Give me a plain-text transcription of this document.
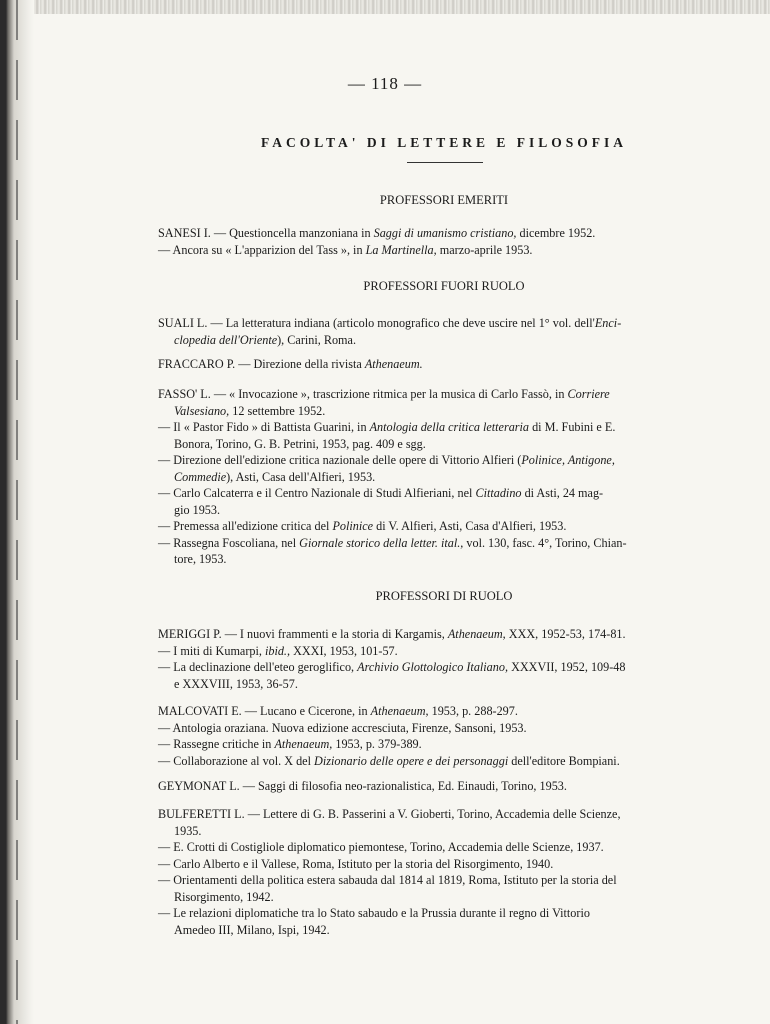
— 118 —
FACOLTA' DI LETTERE E FILOSOFIA
PROFESSORI EMERITI
SANESI I. — Questioncella manzoniana in Saggi di umanismo cristiano, dicembre 1952.
— Ancora su « L'apparizion del Tass », in La Martinella, marzo-aprile 1953.
PROFESSORI FUORI RUOLO
SUALI L. — La letteratura indiana (articolo monografico che deve uscire nel 1° vol. dell'Enci-
clopedia dell'Oriente), Carini, Roma.
FRACCARO P. — Direzione della rivista Athenaeum.
FASSO' L. — « Invocazione », trascrizione ritmica per la musica di Carlo Fassò, in Corriere
Valsesiano, 12 settembre 1952.
— Il « Pastor Fido » di Battista Guarini, in Antologia della critica letteraria di M. Fubini e E.
Bonora, Torino, G. B. Petrini, 1953, pag. 409 e sgg.
— Direzione dell'edizione critica nazionale delle opere di Vittorio Alfieri (Polinice, Antigone,
Commedie), Asti, Casa dell'Alfieri, 1953.
— Carlo Calcaterra e il Centro Nazionale di Studi Alfieriani, nel Cittadino di Asti, 24 mag-
gio 1953.
— Premessa all'edizione critica del Polinice di V. Alfieri, Asti, Casa d'Alfieri, 1953.
— Rassegna Foscoliana, nel Giornale storico della letter. ital., vol. 130, fasc. 4°, Torino, Chian-
tore, 1953.
PROFESSORI DI RUOLO
MERIGGI P. — I nuovi frammenti e la storia di Kargamis, Athenaeum, XXX, 1952-53, 174-81.
— I miti di Kumarpi, ibid., XXXI, 1953, 101-57.
— La declinazione dell'eteo geroglifico, Archivio Glottologico Italiano, XXXVII, 1952, 109-48
e XXXVIII, 1953, 36-57.
MALCOVATI E. — Lucano e Cicerone, in Athenaeum, 1953, p. 288-297.
— Antologia oraziana. Nuova edizione accresciuta, Firenze, Sansoni, 1953.
— Rassegne critiche in Athenaeum, 1953, p. 379-389.
— Collaborazione al vol. X del Dizionario delle opere e dei personaggi dell'editore Bompiani.
GEYMONAT L. — Saggi di filosofia neo-razionalistica, Ed. Einaudi, Torino, 1953.
BULFERETTI L. — Lettere di G. B. Passerini a V. Gioberti, Torino, Accademia delle Scienze,
1935.
— E. Crotti di Costigliole diplomatico piemontese, Torino, Accademia delle Scienze, 1937.
— Carlo Alberto e il Vallese, Roma, Istituto per la storia del Risorgimento, 1940.
— Orientamenti della politica estera sabauda dal 1814 al 1819, Roma, Istituto per la storia del
Risorgimento, 1942.
— Le relazioni diplomatiche tra lo Stato sabaudo e la Prussia durante il regno di Vittorio
Amedeo III, Milano, Ispi, 1942.
